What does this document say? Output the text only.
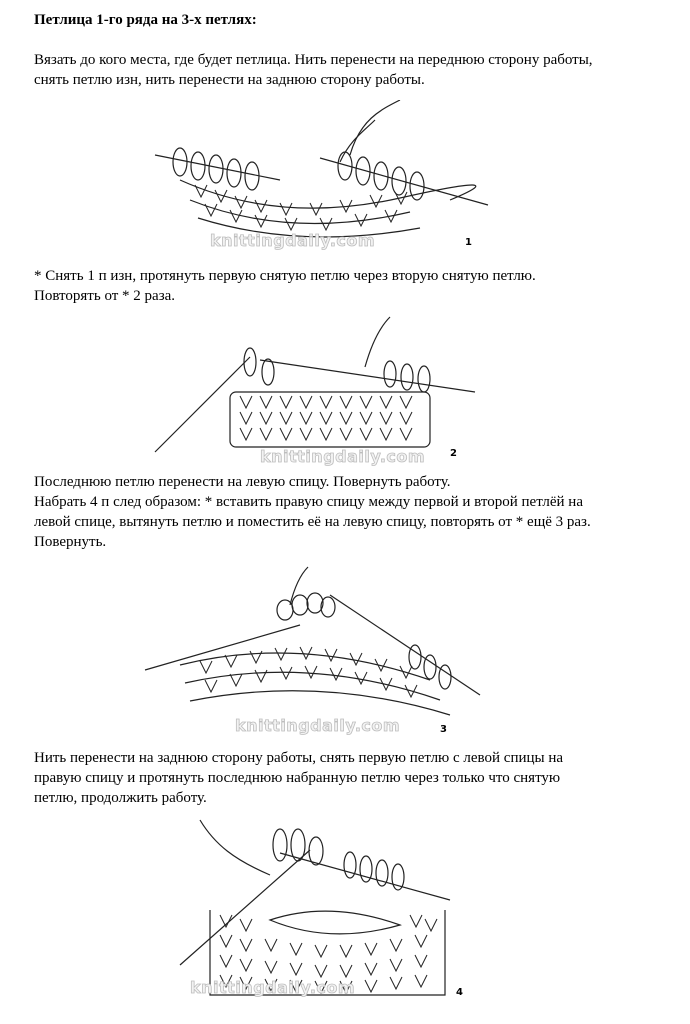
Петлица 1-го ряда на 3-х петлях:

Вязать до кого места, где будет петлица. Нить перенести на переднюю сторону работы,
снять петлю изн, нить перенести на заднюю сторону работы.

knittingdaily.com	1

* Снять 1 п изн, протянуть первую снятую петлю через вторую снятую петлю.
Повторять от * 2 раза.

knittingdaily.com 2

Последнюю петлю перенести на левую спицу. Повернуть работу.
Набрать 4 п след образом: * вставить правую спицу между первой и второй петлёй на
левой спице, вытянуть петлю и поместить её на левую спицу, повторять от * ещё 3 раз.
Повернуть.

knittingdaily.com	3

Нить перенести на заднюю сторону работы, снять первую петлю с левой спицы на
правую спицу и протянуть последнюю набранную петлю через только что снятую
петлю, продолжить работу.

knittingdaily.com	4
